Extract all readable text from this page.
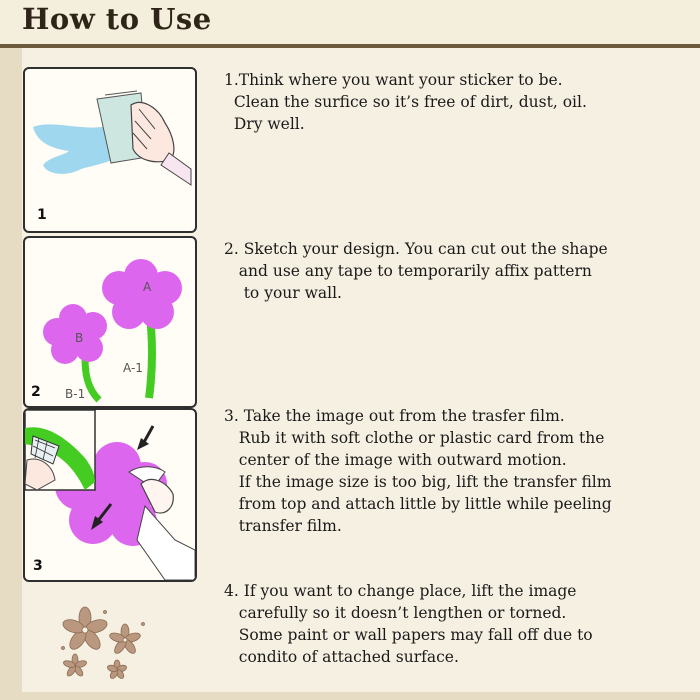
How to Use
1
A
B
A-1
B-1
2
3
1.Think where you want your sticker to be.
Clean the surfice so it’s free of dirt, dust, oil.
Dry well.
2. Sketch your design. You can cut out the shape
and use any tape to temporarily affix pattern
to your wall.
3. Take the image out from the trasfer film.
Rub it with soft clothe or plastic card from the
center of the image with outward motion.
If the image size is too big, lift the transfer film
from top and attach little by little while peeling
transfer film.
4. If you want to change place, lift the image
carefully so it doesn’t lengthen or torned.
Some paint or wall papers may fall off due to
condito of attached surface.
